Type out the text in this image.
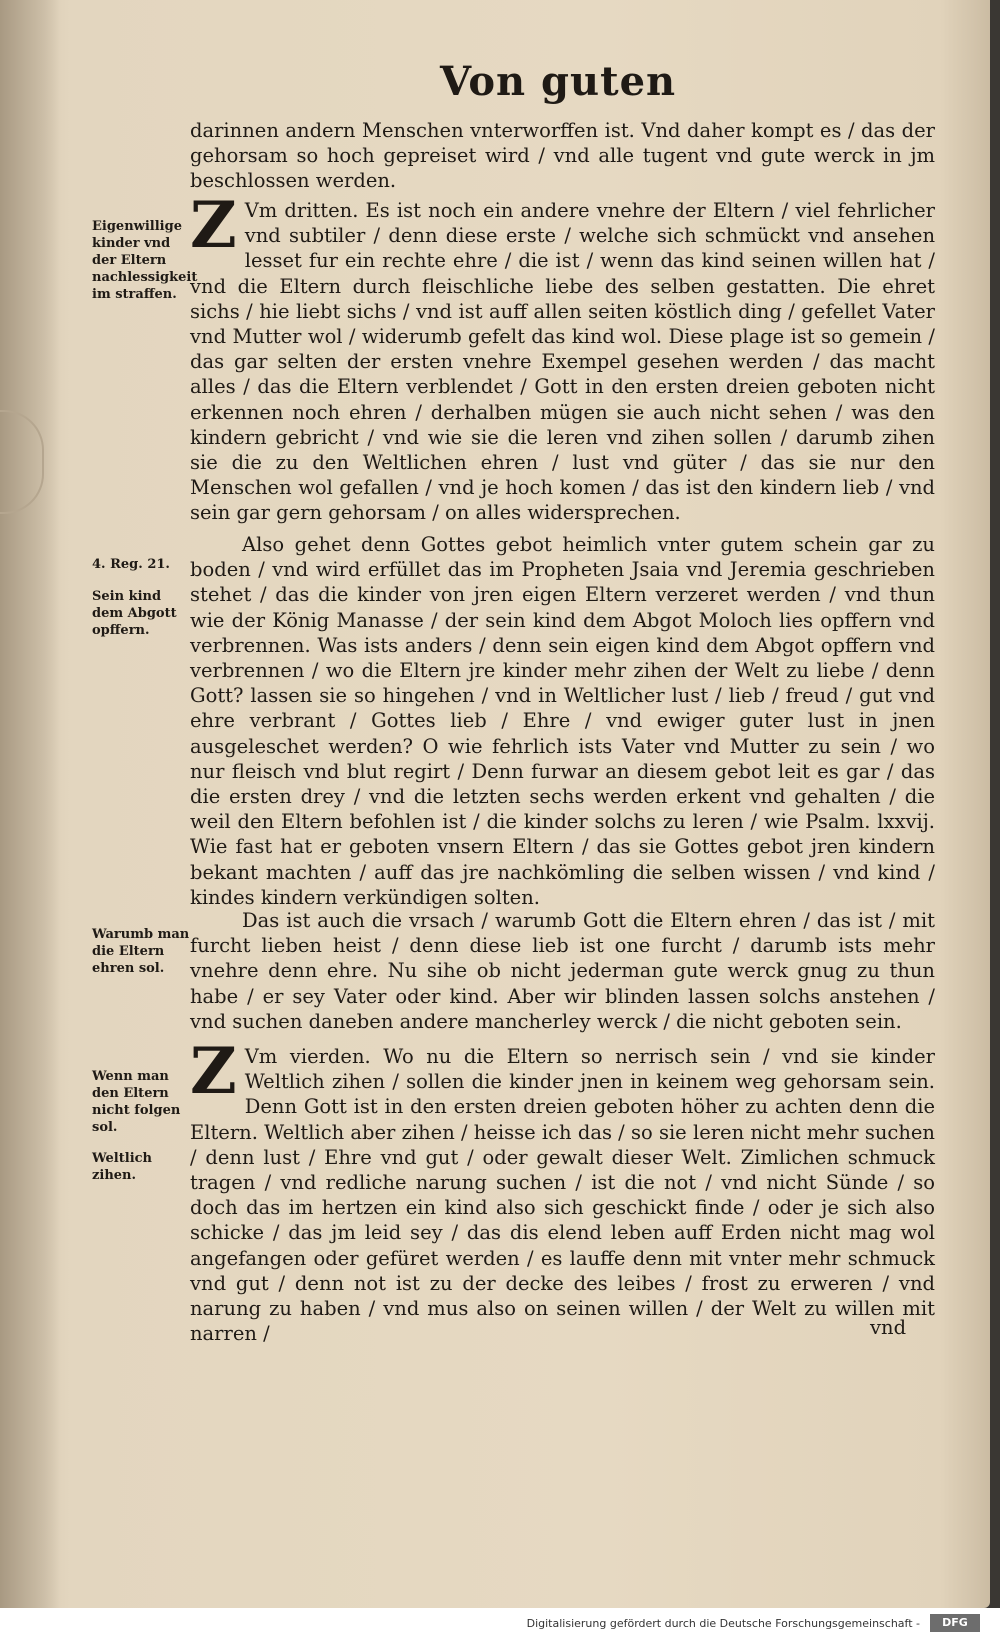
Von guten

darinnen andern Menschen vnterworffen ist. Vnd daher kompt es / das der gehorsam so hoch gepreiset wird / vnd alle tugent vnd gute werck in jm beschlossen werden.

Z Vm dritten. Es ist noch ein andere vnehre der Eltern / viel fehrlicher vnd subtiler / denn diese erste / welche sich schmückt vnd ansehen lesset fur ein rechte ehre / die ist / wenn das kind seinen willen hat / vnd die Eltern durch fleischliche liebe des selben gestatten. Die ehret sichs / hie liebt sichs / vnd ist auff allen seiten köstlich ding / gefellet Vater vnd Mutter wol / widerumb gefelt das kind wol. Diese plage ist so gemein / das gar selten der ersten vnehre Exempel gesehen werden / das macht alles / das die Eltern verblendet / Gott in den ersten dreien geboten nicht erkennen noch ehren / derhalben mügen sie auch nicht sehen / was den kindern gebricht / vnd wie sie die leren vnd zihen sollen / darumb zihen sie die zu den Weltlichen ehren / lust vnd güter / das sie nur den Menschen wol gefallen / vnd je hoch komen / das ist den kindern lieb / vnd sein gar gern gehorsam / on alles widersprechen.

Also gehet denn Gottes gebot heimlich vnter gutem schein gar zu boden / vnd wird erfüllet das im Propheten Jsaia vnd Jeremia geschrieben stehet / das die kinder von jren eigen Eltern verzeret werden / vnd thun wie der König Manasse / der sein kind dem Abgot Moloch lies opffern vnd verbrennen. Was ists anders / denn sein eigen kind dem Abgot opffern vnd verbrennen / wo die Eltern jre kinder mehr zihen der Welt zu liebe / denn Gott? lassen sie so hingehen / vnd in Weltlicher lust / lieb / freud / gut vnd ehre verbrant / Gottes lieb / Ehre / vnd ewiger guter lust in jnen ausgeleschet werden? O wie fehrlich ists Vater vnd Mutter zu sein / wo nur fleisch vnd blut regirt / Denn furwar an diesem gebot leit es gar / das die ersten drey / vnd die letzten sechs werden erkent vnd gehalten / die weil den Eltern befohlen ist / die kinder solchs zu leren / wie Psalm. lxxvij. Wie fast hat er geboten vnsern Eltern / das sie Gottes gebot jren kindern bekant machten / auff das jre nachkömling die selben wissen / vnd kind / kindes kindern verkündigen solten.

Das ist auch die vrsach / warumb Gott die Eltern ehren / das ist / mit furcht lieben heist / denn diese lieb ist one furcht / darumb ists mehr vnehre denn ehre. Nu sihe ob nicht jederman gute werck gnug zu thun habe / er sey Vater oder kind. Aber wir blinden lassen solchs anstehen / vnd suchen daneben andere mancherley werck / die nicht geboten sein.

Z Vm vierden. Wo nu die Eltern so nerrisch sein / vnd sie kinder Weltlich zihen / sollen die kinder jnen in keinem weg gehorsam sein. Denn Gott ist in den ersten dreien geboten höher zu achten denn die Eltern. Weltlich aber zihen / heisse ich das / so sie leren nicht mehr suchen / denn lust / Ehre vnd gut / oder gewalt dieser Welt. Zimlichen schmuck tragen / vnd redliche narung suchen / ist die not / vnd nicht Sünde / so doch das im hertzen ein kind also sich geschickt finde / oder je sich also schicke / das jm leid sey / das dis elend leben auff Erden nicht mag wol angefangen oder gefüret werden / es lauffe denn mit vnter mehr schmuck vnd gut / denn not ist zu der decke des leibes / frost zu erweren / vnd narung zu haben / vnd mus also on seinen willen / der Welt zu willen mit narren /

Eigenwillige kinder vnd der Eltern nachlessigkeit im straffen.
4. Reg. 21.
Sein kind dem Abgott opffern.
Warumb man die Eltern ehren sol.
Wenn man den Eltern nicht folgen sol.
Weltlich zihen.
vnd
Digitalisierung gefördert durch die Deutsche Forschungsgemeinschaft -	DFG
